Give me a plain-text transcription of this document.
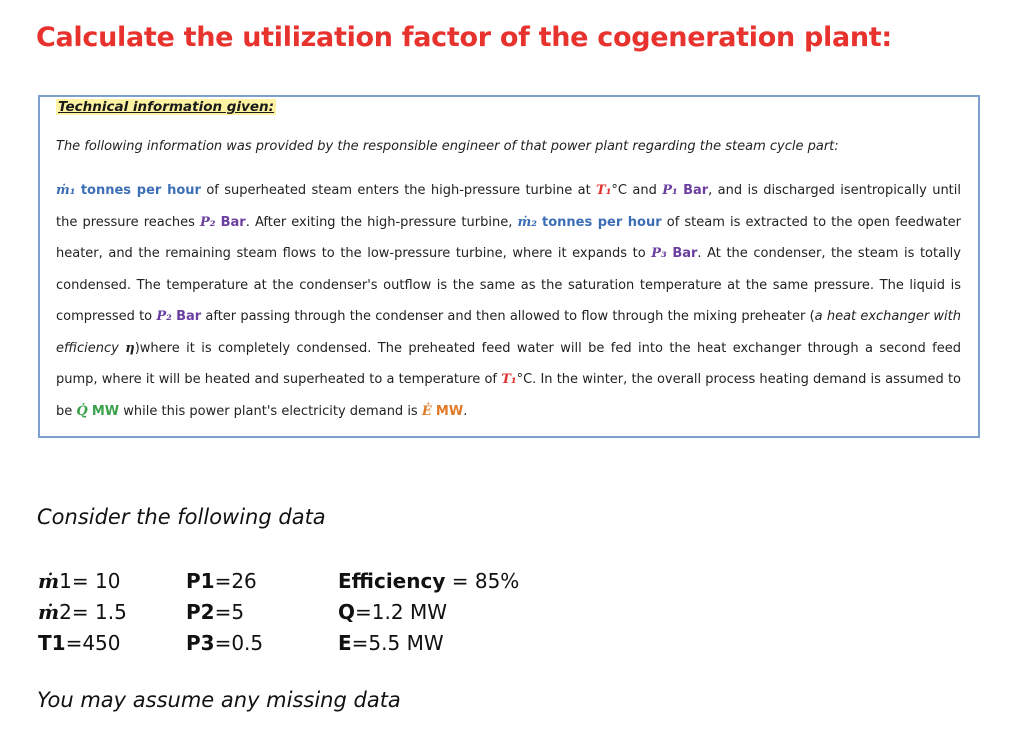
Calculate the utilization factor of the cogeneration plant:
Technical information given:
The following information was provided by the responsible engineer of that power plant regarding the steam cycle part:
ṁ₁ tonnes per hour of superheated steam enters the high-pressure turbine at T₁°C and P₁ Bar, and is discharged isentropically until the pressure reaches P₂ Bar. After exiting the high-pressure turbine, ṁ₂ tonnes per hour of steam is extracted to the open feedwater heater, and the remaining steam flows to the low-pressure turbine, where it expands to P₃ Bar. At the condenser, the steam is totally condensed. The temperature at the condenser's outflow is the same as the saturation temperature at the same pressure. The liquid is compressed to P₂ Bar after passing through the condenser and then allowed to flow through the mixing preheater (a heat exchanger with efficiency η)where it is completely condensed. The preheated feed water will be fed into the heat exchanger through a second feed pump, where it will be heated and superheated to a temperature of T₁°C. In the winter, the overall process heating demand is assumed to be Q̇ MW while this power plant's electricity demand is Ė MW.
Consider the following data
ṁ1= 10
ṁ2= 1.5
T1=450
P1=26
P2=5
P3=0.5
Efficiency = 85%
Q=1.2 MW
E=5.5 MW
You may assume any missing data
